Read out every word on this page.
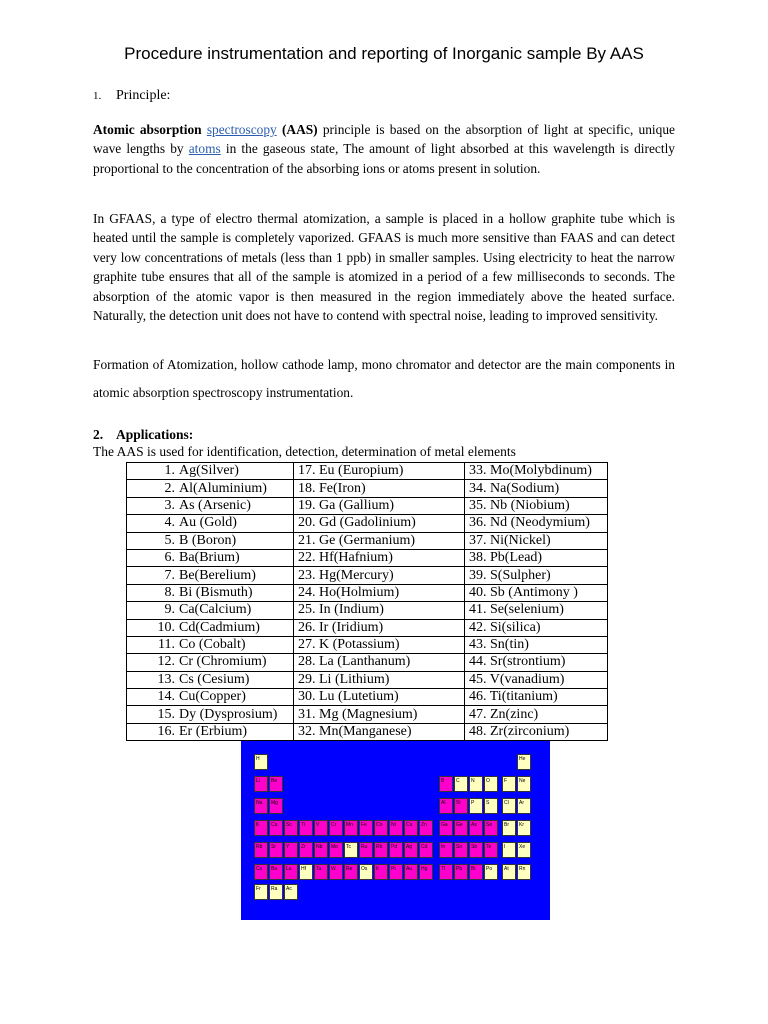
Procedure instrumentation and reporting of Inorganic sample By AAS
1. Principle:

Atomic absorption spectroscopy (AAS) principle is based on the absorption of light at specific, unique wave lengths by atoms in the gaseous state, The amount of light absorbed at this wavelength is directly proportional to the concentration of the absorbing ions or atoms present in solution.

In GFAAS, a type of electro thermal atomization, a sample is placed in a hollow graphite tube which is heated until the sample is completely vaporized. GFAAS is much more sensitive than FAAS and can detect very low concentrations of metals (less than 1 ppb) in smaller samples. Using electricity to heat the narrow graphite tube ensures that all of the sample is atomized in a period of a few milliseconds to seconds. The absorption of the atomic vapor is then measured in the region immediately above the heated surface. Naturally, the detection unit does not have to contend with spectral noise, leading to improved sensitivity.

Formation of Atomization, hollow cathode lamp, mono chromator and detector are the main components in atomic absorption spectroscopy instrumentation.

2. Applications:
The AAS is used for identification, detection, determination of metal elements
1. Ag(Silver)	17. Eu (Europium)	33. Mo(Molybdinum)
2. Al(Aluminium)	18. Fe(Iron)	34. Na(Sodium)
3. As (Arsenic)	19. Ga (Gallium)	35. Nb (Niobium)
4. Au (Gold)	20. Gd (Gadolinium)	36. Nd (Neodymium)
5. B (Boron)	21. Ge (Germanium)	37. Ni(Nickel)
6. Ba(Brium)	22. Hf(Hafnium)	38. Pb(Lead)
7. Be(Berelium)	23. Hg(Mercury)	39. S(Sulpher)
8. Bi (Bismuth)	24. Ho(Holmium)	40. Sb (Antimony )
9. Ca(Calcium)	25. In (Indium)	41. Se(selenium)
10. Cd(Cadmium)	26. Ir (Iridium)	42. Si(silica)
11. Co (Cobalt)	27. K (Potassium)	43. Sn(tin)
12. Cr (Chromium)	28. La (Lanthanum)	44. Sr(strontium)
13. Cs (Cesium)	29. Li (Lithium)	45. V(vanadium)
14. Cu(Copper)	30. Lu (Lutetium)	46. Ti(titanium)
15. Dy (Dysprosium)	31. Mg (Magnesium)	47. Zn(zinc)
16. Er (Erbium)	32. Mn(Manganese)	48. Zr(zirconium)
H	He
Li	Be	B	C	N	O	F	Ne
Na	Mg	Al	Si	P	S	Cl	Ar
K	Ca	Sc	Ti	V	Cr	Mn	Fe	Co	Ni	Cu	Zn	Ga	Ge	As	Se	Br	Kr
Rb	Sr	Y	Zr	Nb	Mo	Tc	Ru	Rh	Pd	Ag	Cd	In	Sn	Sb	Te	I	Xe
Cs	Ba	La	Hf	Ta	W	Re	Os	Ir	Pt	Au	Hg	Tl	Pb	Bi	Po	At	Rn
Fr	Ra	Ac
